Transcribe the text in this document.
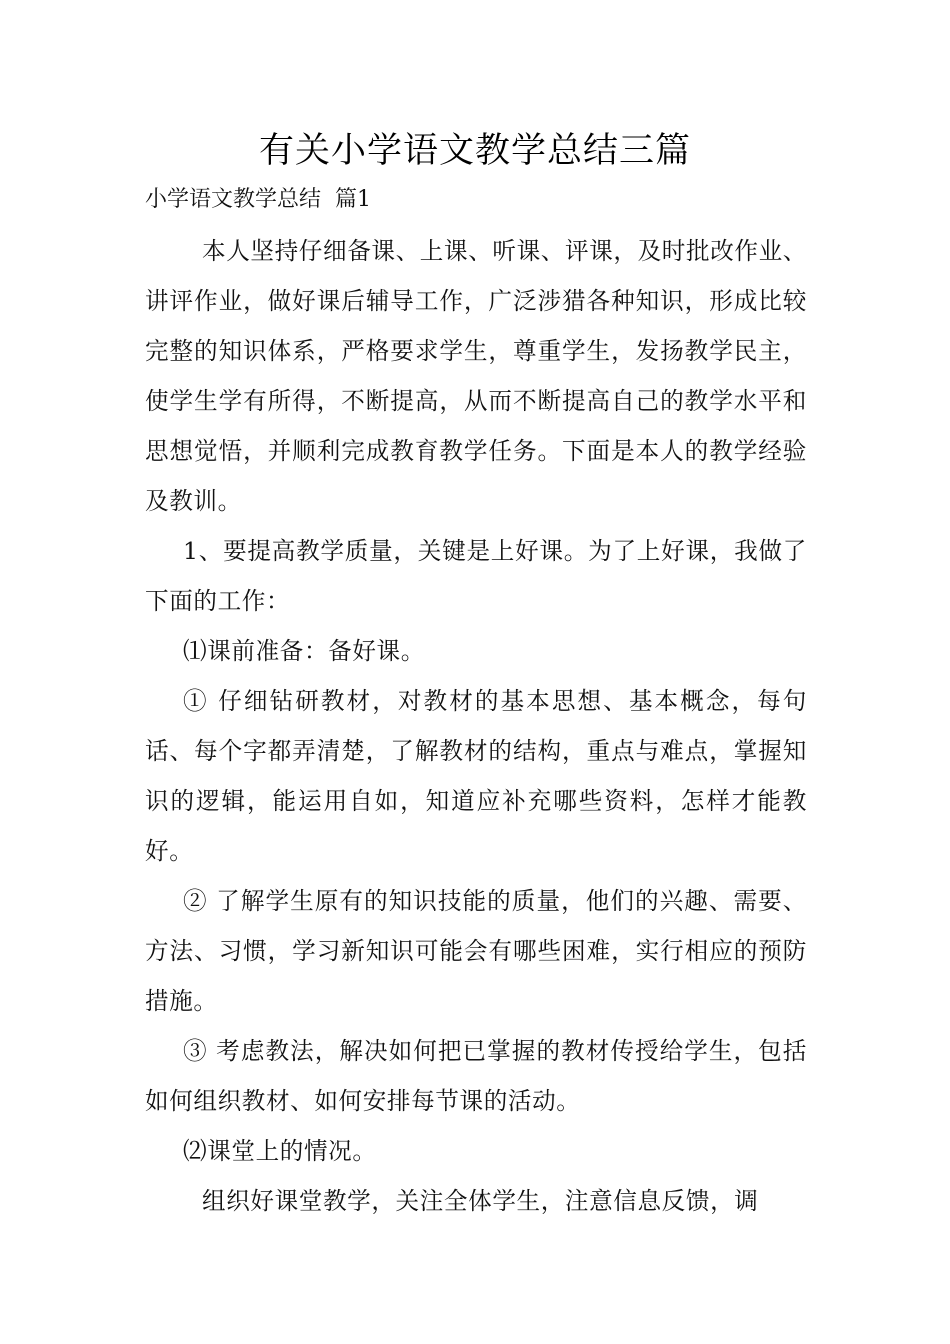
有关小学语文教学总结三篇
小学语文教学总结  篇1

本人坚持仔细备课、上课、听课、评课，及时批改作业、讲评作业，做好课后辅导工作，广泛涉猎各种知识，形成比较完整的知识体系，严格要求学生，尊重学生，发扬教学民主，使学生学有所得，不断提高，从而不断提高自己的教学水平和思想觉悟，并顺利完成教育教学任务。下面是本人的教学经验及教训。

1、要提高教学质量，关键是上好课。为了上好课，我做了下面的工作：

⑴课前准备：备好课。

① 仔细钻研教材，对教材的基本思想、基本概念，每句话、每个字都弄清楚，了解教材的结构，重点与难点，掌握知识的逻辑，能运用自如，知道应补充哪些资料，怎样才能教好。

② 了解学生原有的知识技能的质量，他们的兴趣、需要、方法、习惯，学习新知识可能会有哪些困难，实行相应的预防措施。

③ 考虑教法，解决如何把已掌握的教材传授给学生，包括如何组织教材、如何安排每节课的活动。

⑵课堂上的情况。

组织好课堂教学，关注全体学生，注意信息反馈，调
